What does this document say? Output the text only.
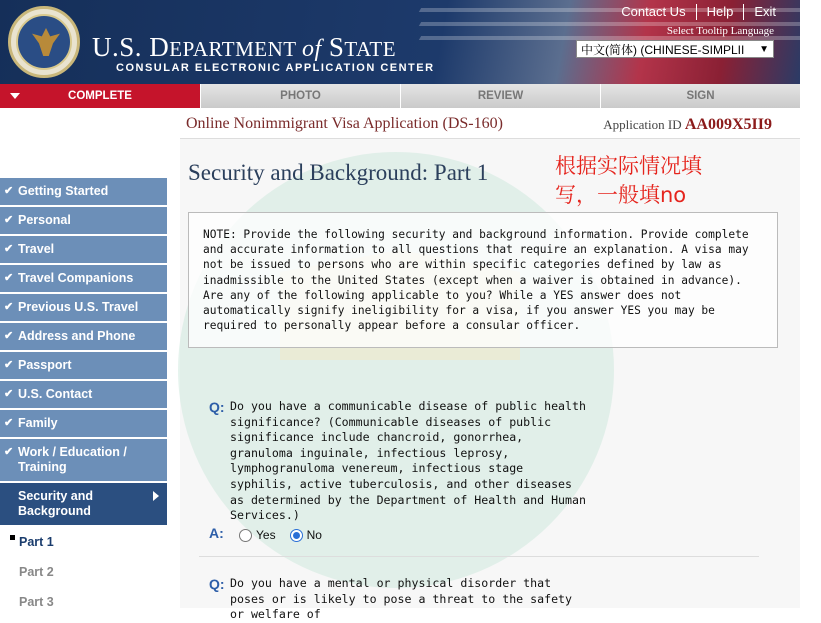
U.S. DEPARTMENT of STATE
CONSULAR ELECTRONIC APPLICATION CENTER
Contact Us	Help	Exit
Select Tooltip Language
中文(简体) (CHINESE-SIMPLII ▼
COMPLETE	PHOTO	REVIEW	SIGN
Online Nonimmigrant Visa Application (DS-160)	Application ID AA009X5II9
✔ Getting Started
✔ Personal
✔ Travel
✔ Travel Companions
✔ Previous U.S. Travel
✔ Address and Phone
✔ Passport
✔ U.S. Contact
✔ Family
✔ Work / Education / Training
Security and Background
Part 1
Part 2
Part 3
Security and Background: Part 1	根据实际情况填
写，一般填no
NOTE: Provide the following security and background information. Provide complete and accurate information to all questions that require an explanation. A visa may not be issued to persons who are within specific categories defined by law as inadmissible to the United States (except when a waiver is obtained in advance). Are any of the following applicable to you? While a YES answer does not automatically signify ineligibility for a visa, if you answer YES you may be required to personally appear before a consular officer.
Q: Do you have a communicable disease of public health significance? (Communicable diseases of public significance include chancroid, gonorrhea, granuloma inguinale, infectious leprosy, lymphogranuloma venereum, infectious stage syphilis, active tuberculosis, and other diseases as determined by the Department of Health and Human Services.)
A:	Yes	No
Q: Do you have a mental or physical disorder that poses or is likely to pose a threat to the safety or welfare of
